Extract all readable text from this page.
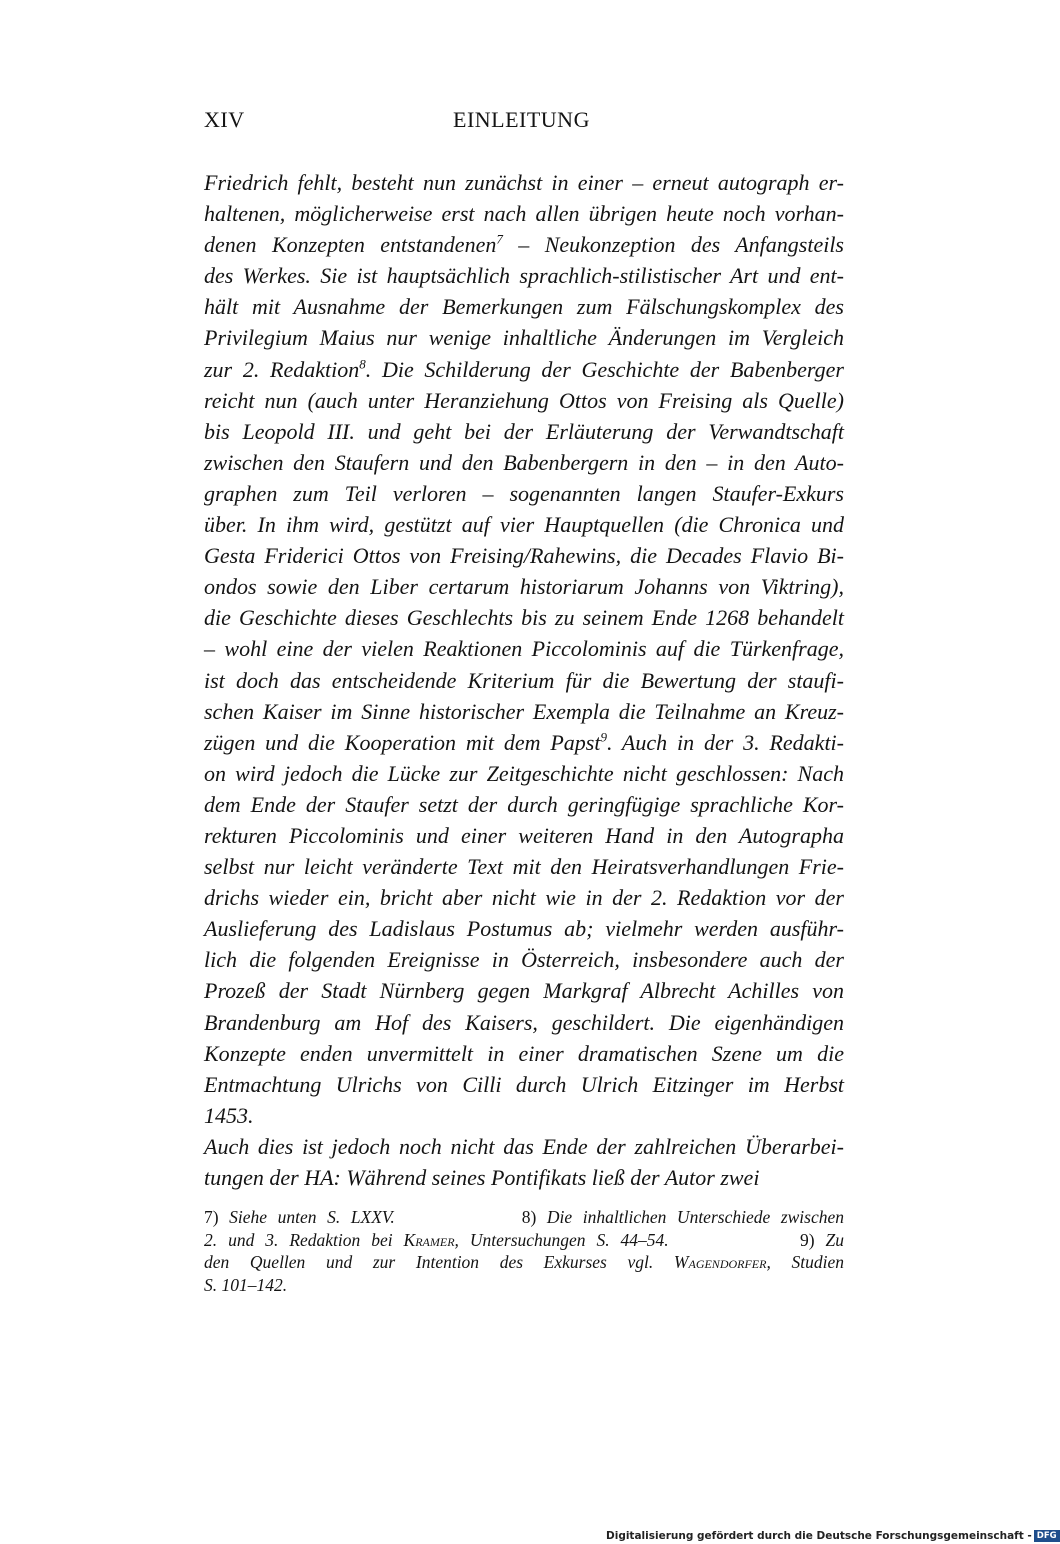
XIV	EINLEITUNG
Friedrich fehlt, besteht nun zunächst in einer – erneut autograph er-
haltenen, möglicherweise erst nach allen übrigen heute noch vorhan-
denen Konzepten entstandenen$^7$ – Neukonzeption des Anfangsteils
des Werkes. Sie ist hauptsächlich sprachlich-stilistischer Art und ent-
hält mit Ausnahme der Bemerkungen zum Fälschungskomplex des
Privilegium Maius nur wenige inhaltliche Änderungen im Vergleich
zur 2. Redaktion$^8$. Die Schilderung der Geschichte der Babenberger
reicht nun (auch unter Heranziehung Ottos von Freising als Quelle)
bis Leopold III. und geht bei der Erläuterung der Verwandtschaft
zwischen den Staufern und den Babenbergern in den – in den Auto-
graphen zum Teil verloren – sogenannten langen Staufer-Exkurs
über. In ihm wird, gestützt auf vier Hauptquellen (die Chronica und
Gesta Friderici Ottos von Freising/Rahewins, die Decades Flavio Bi-
ondos sowie den Liber certarum historiarum Johanns von Viktring),
die Geschichte dieses Geschlechts bis zu seinem Ende 1268 behandelt
– wohl eine der vielen Reaktionen Piccolominis auf die Türkenfrage,
ist doch das entscheidende Kriterium für die Bewertung der staufi-
schen Kaiser im Sinne historischer Exempla die Teilnahme an Kreuz-
zügen und die Kooperation mit dem Papst$^9$. Auch in der 3. Redakti-
on wird jedoch die Lücke zur Zeitgeschichte nicht geschlossen: Nach
dem Ende der Staufer setzt der durch geringfügige sprachliche Kor-
rekturen Piccolominis und einer weiteren Hand in den Autographa
selbst nur leicht veränderte Text mit den Heiratsverhandlungen Frie-
drichs wieder ein, bricht aber nicht wie in der 2. Redaktion vor der
Auslieferung des Ladislaus Postumus ab; vielmehr werden ausführ-
lich die folgenden Ereignisse in Österreich, insbesondere auch der
Prozeß der Stadt Nürnberg gegen Markgraf Albrecht Achilles von
Brandenburg am Hof des Kaisers, geschildert. Die eigenhändigen
Konzepte enden unvermittelt in einer dramatischen Szene um die
Entmachtung Ulrichs von Cilli durch Ulrich Eitzinger im Herbst
1453.
Auch dies ist jedoch noch nicht das Ende der zahlreichen Überarbei-
tungen der HA: Während seines Pontifikats ließ der Autor zwei
7) Siehe unten S. LXXV.            8) Die inhaltlichen Unterschiede zwischen
2. und 3. Redaktion bei Kramer, Untersuchungen S. 44–54.            9) Zu
den Quellen und zur Intention des Exkurses vgl. Wagendorfer, Studien
S. 101–142.
Digitalisierung gefördert durch die Deutsche Forschungsgemeinschaft - DFG
